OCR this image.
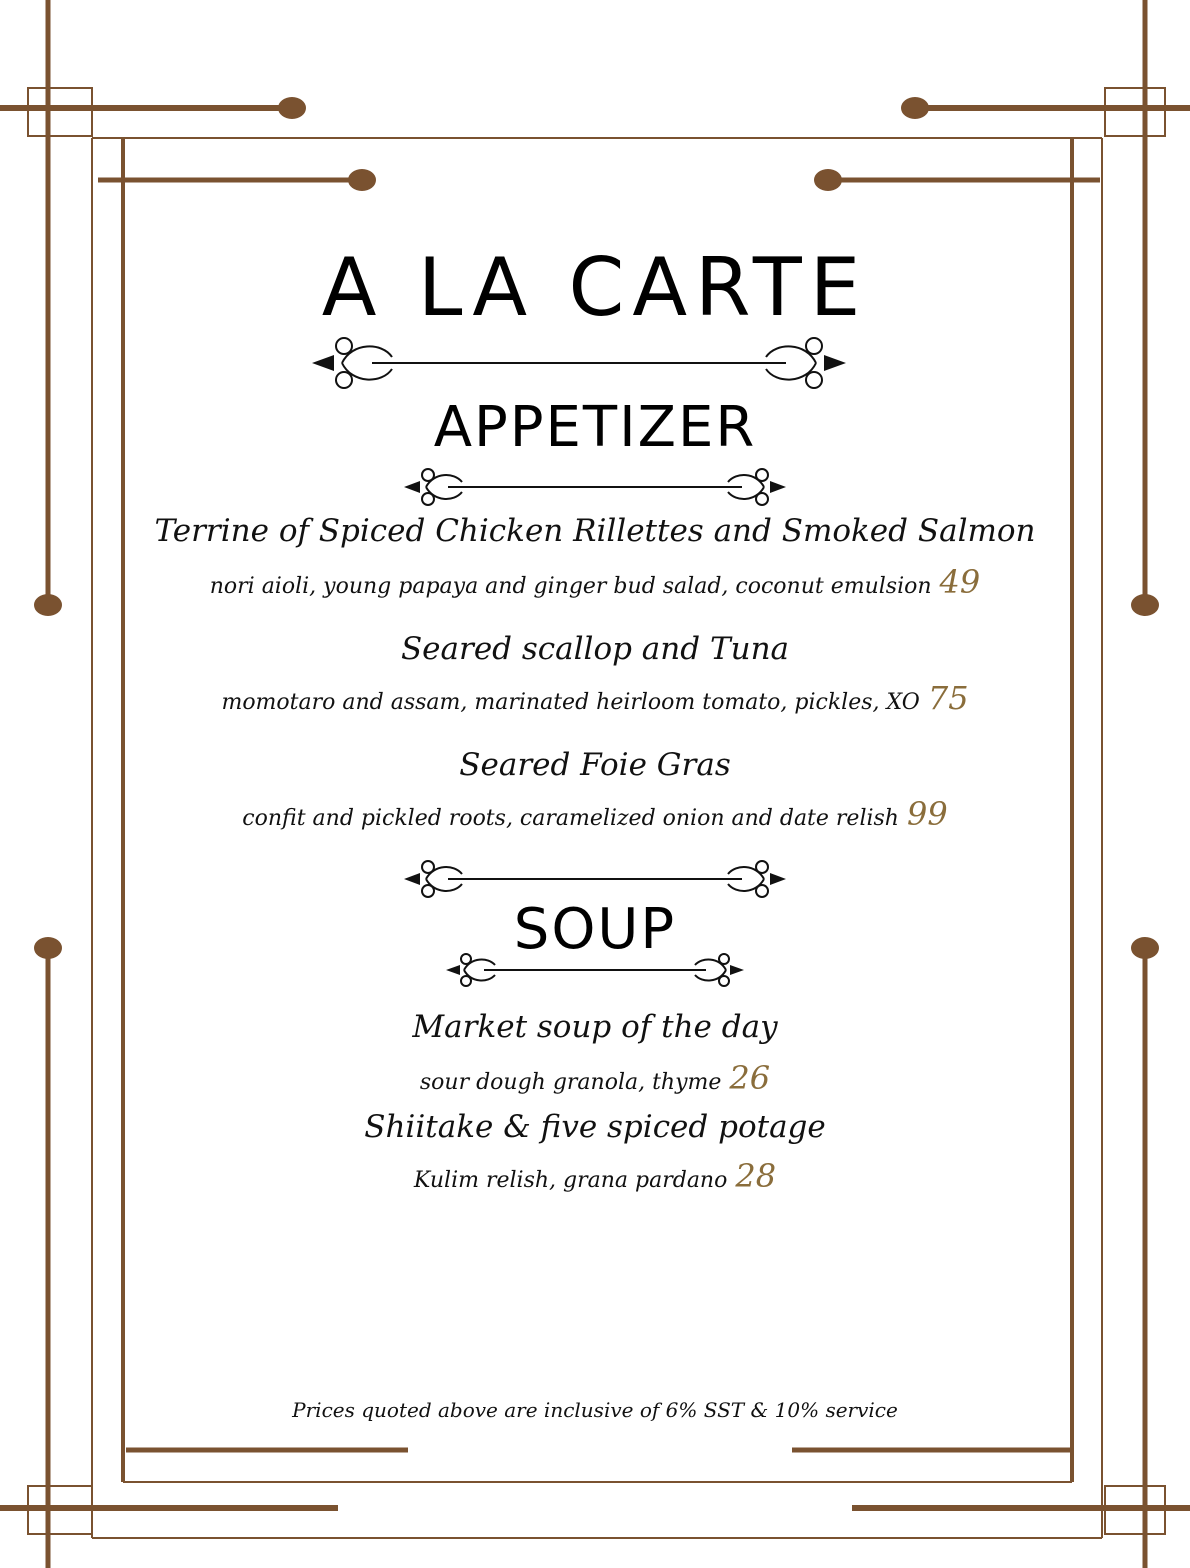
A LA CARTE
APPETIZER
Terrine of Spiced Chicken Rillettes and Smoked Salmon
nori aioli, young papaya and ginger bud salad, coconut emulsion 49
Seared scallop and Tuna
momotaro and assam, marinated heirloom tomato, pickles, XO 75
Seared Foie Gras
confit and pickled roots, caramelized onion and date relish 99
SOUP
Market soup of the day
sour dough granola, thyme 26
Shiitake & five spiced potage
Kulim relish, grana pardano 28
Prices quoted above are inclusive of 6% SST & 10% service
